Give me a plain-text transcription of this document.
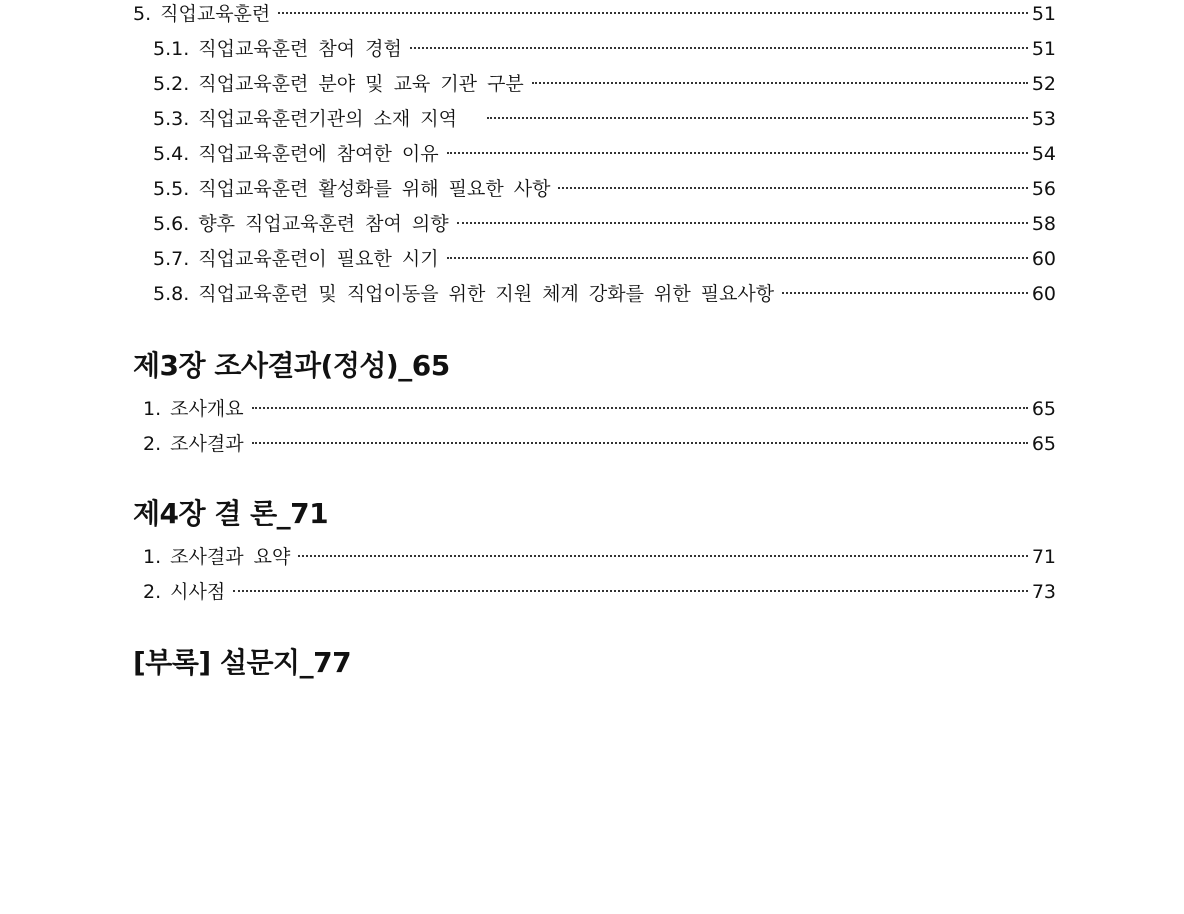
5. 직업교육훈련	51
5.1. 직업교육훈련 참여 경험	51
5.2. 직업교육훈련 분야 및 교육 기관 구분	52
5.3. 직업교육훈련기관의 소재 지역	53
5.4. 직업교육훈련에 참여한 이유	54
5.5. 직업교육훈련 활성화를 위해 필요한 사항	56
5.6. 향후 직업교육훈련 참여 의향	58
5.7. 직업교육훈련이 필요한 시기	60
5.8. 직업교육훈련 및 직업이동을 위한 지원 체계 강화를 위한 필요사항	60
제3장 조사결과(정성)_65
1. 조사개요	65
2. 조사결과	65
제4장 결 론_71
1. 조사결과 요약	71
2. 시사점	73
[부록] 설문지_77
